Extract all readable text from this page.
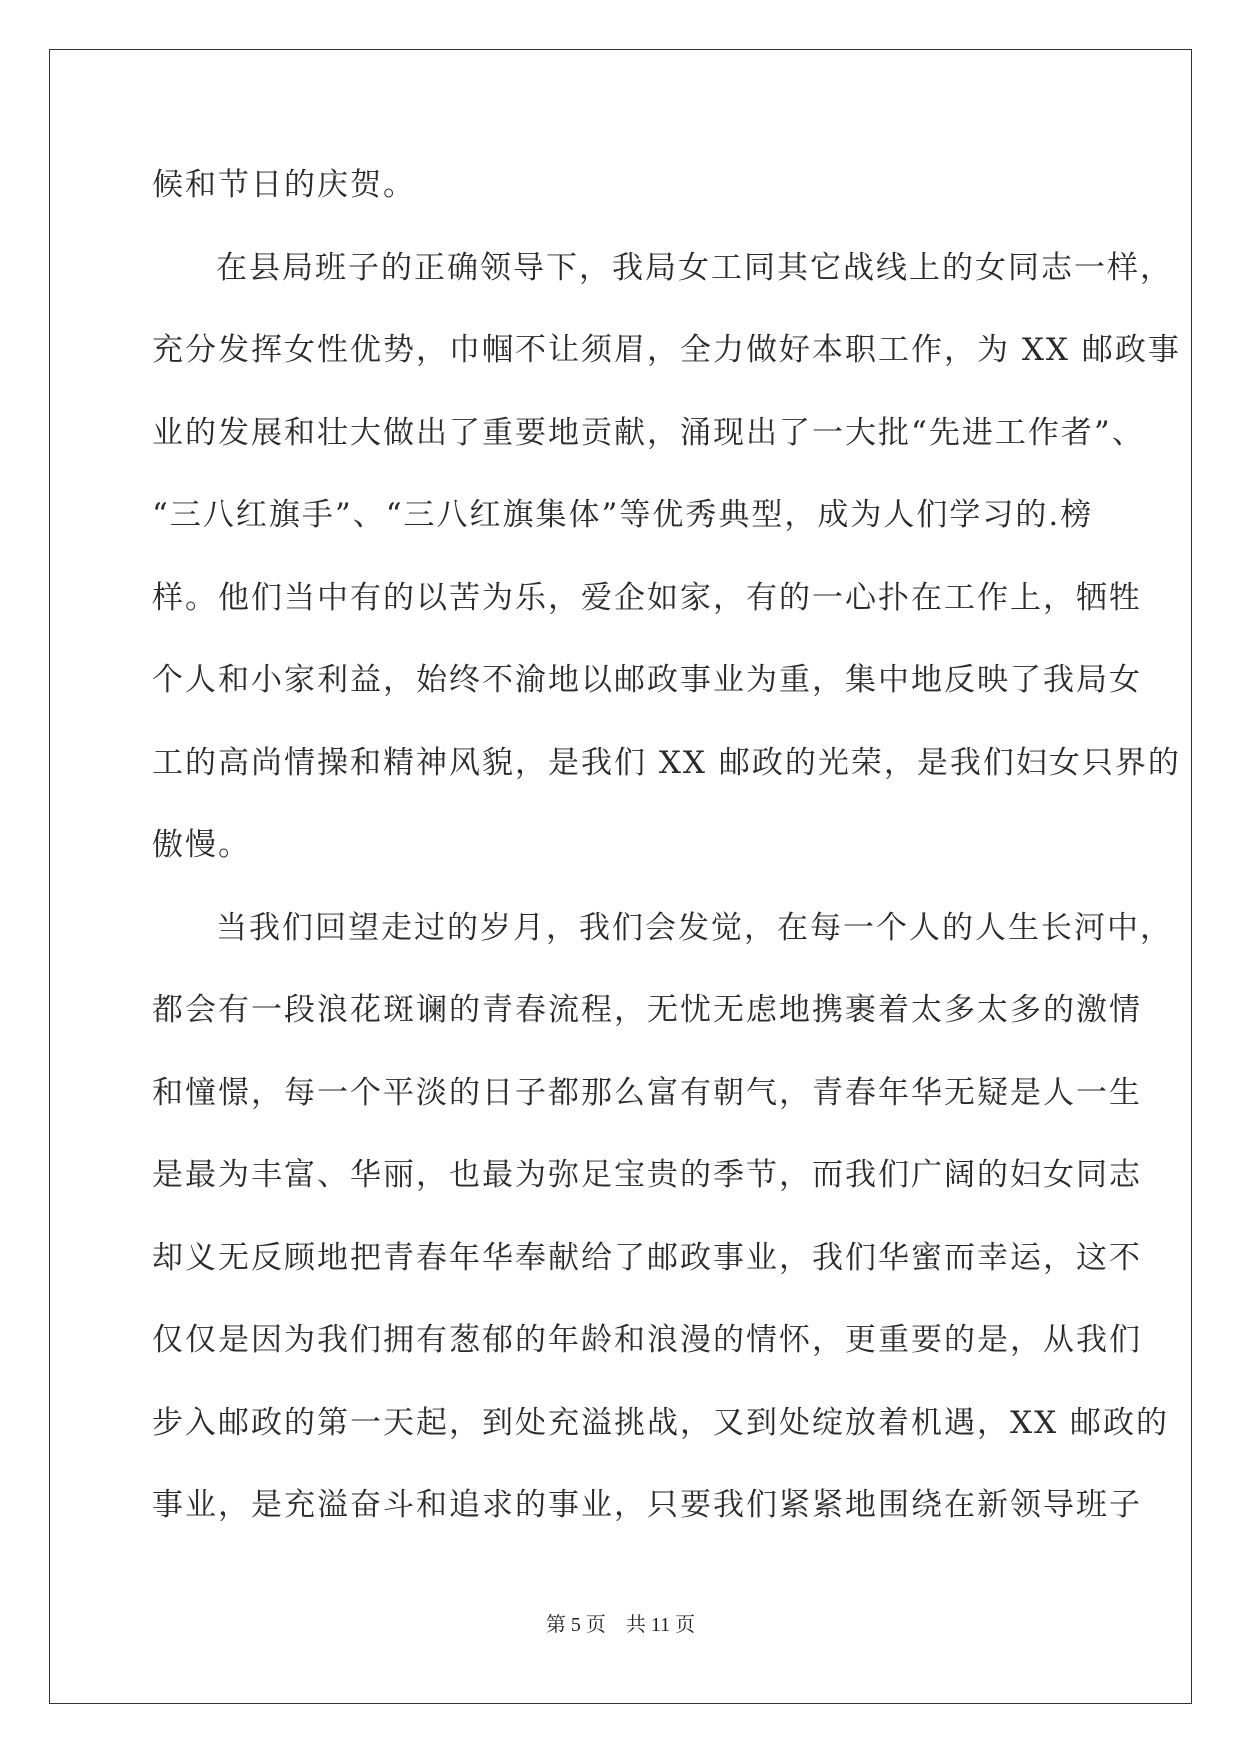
候和节日的庆贺。
在县局班子的正确领导下，我局女工同其它战线上的女同志一样，
充分发挥女性优势，巾帼不让须眉，全力做好本职工作，为 XX 邮政事
业的发展和壮大做出了重要地贡献，涌现出了一大批“先进工作者”、
“三八红旗手”、“三八红旗集体”等优秀典型，成为人们学习的.榜
样。他们当中有的以苦为乐，爱企如家，有的一心扑在工作上，牺牲
个人和小家利益，始终不渝地以邮政事业为重，集中地反映了我局女
工的高尚情操和精神风貌，是我们 XX 邮政的光荣，是我们妇女只界的
傲慢。
当我们回望走过的岁月，我们会发觉，在每一个人的人生长河中，
都会有一段浪花斑谰的青春流程，无忧无虑地携裹着太多太多的激情
和憧憬，每一个平淡的日子都那么富有朝气，青春年华无疑是人一生
是最为丰富、华丽，也最为弥足宝贵的季节，而我们广阔的妇女同志
却义无反顾地把青春年华奉献给了邮政事业，我们华蜜而幸运，这不
仅仅是因为我们拥有葱郁的年龄和浪漫的情怀，更重要的是，从我们
步入邮政的第一天起，到处充溢挑战，又到处绽放着机遇，XX 邮政的
事业，是充溢奋斗和追求的事业，只要我们紧紧地围绕在新领导班子
第 5 页    共 11 页
